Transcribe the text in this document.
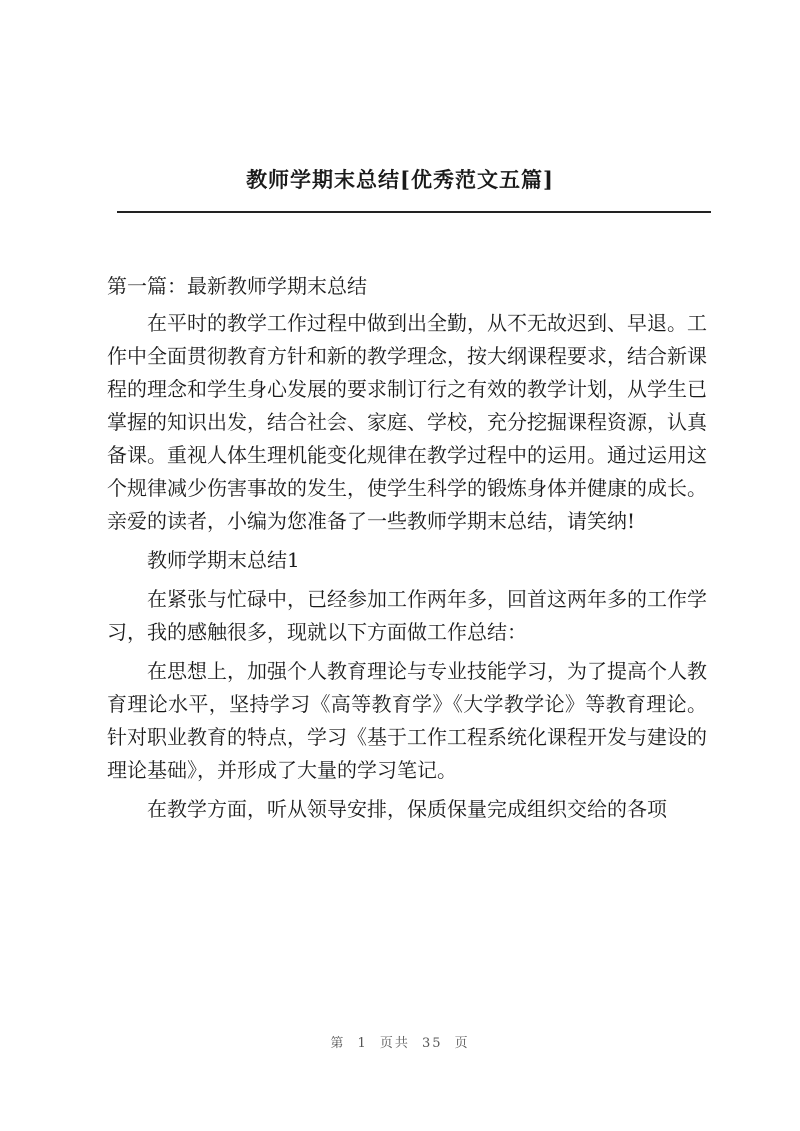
教师学期末总结[优秀范文五篇]

第一篇：最新教师学期末总结

在平时的教学工作过程中做到出全勤，从不无故迟到、早退。工作中全面贯彻教育方针和新的教学理念，按大纲课程要求，结合新课程的理念和学生身心发展的要求制订行之有效的教学计划，从学生已掌握的知识出发，结合社会、家庭、学校，充分挖掘课程资源，认真备课。重视人体生理机能变化规律在教学过程中的运用。通过运用这个规律减少伤害事故的发生，使学生科学的锻炼身体并健康的成长。亲爱的读者，小编为您准备了一些教师学期末总结，请笑纳!

教师学期末总结1

在紧张与忙碌中，已经参加工作两年多，回首这两年多的工作学习，我的感触很多，现就以下方面做工作总结：

在思想上，加强个人教育理论与专业技能学习，为了提高个人教育理论水平，坚持学习《高等教育学》《大学教学论》等教育理论。针对职业教育的特点，学习《基于工作工程系统化课程开发与建设的理论基础》，并形成了大量的学习笔记。

在教学方面，听从领导安排，保质保量完成组织交给的各项

第 1 页共 35 页
